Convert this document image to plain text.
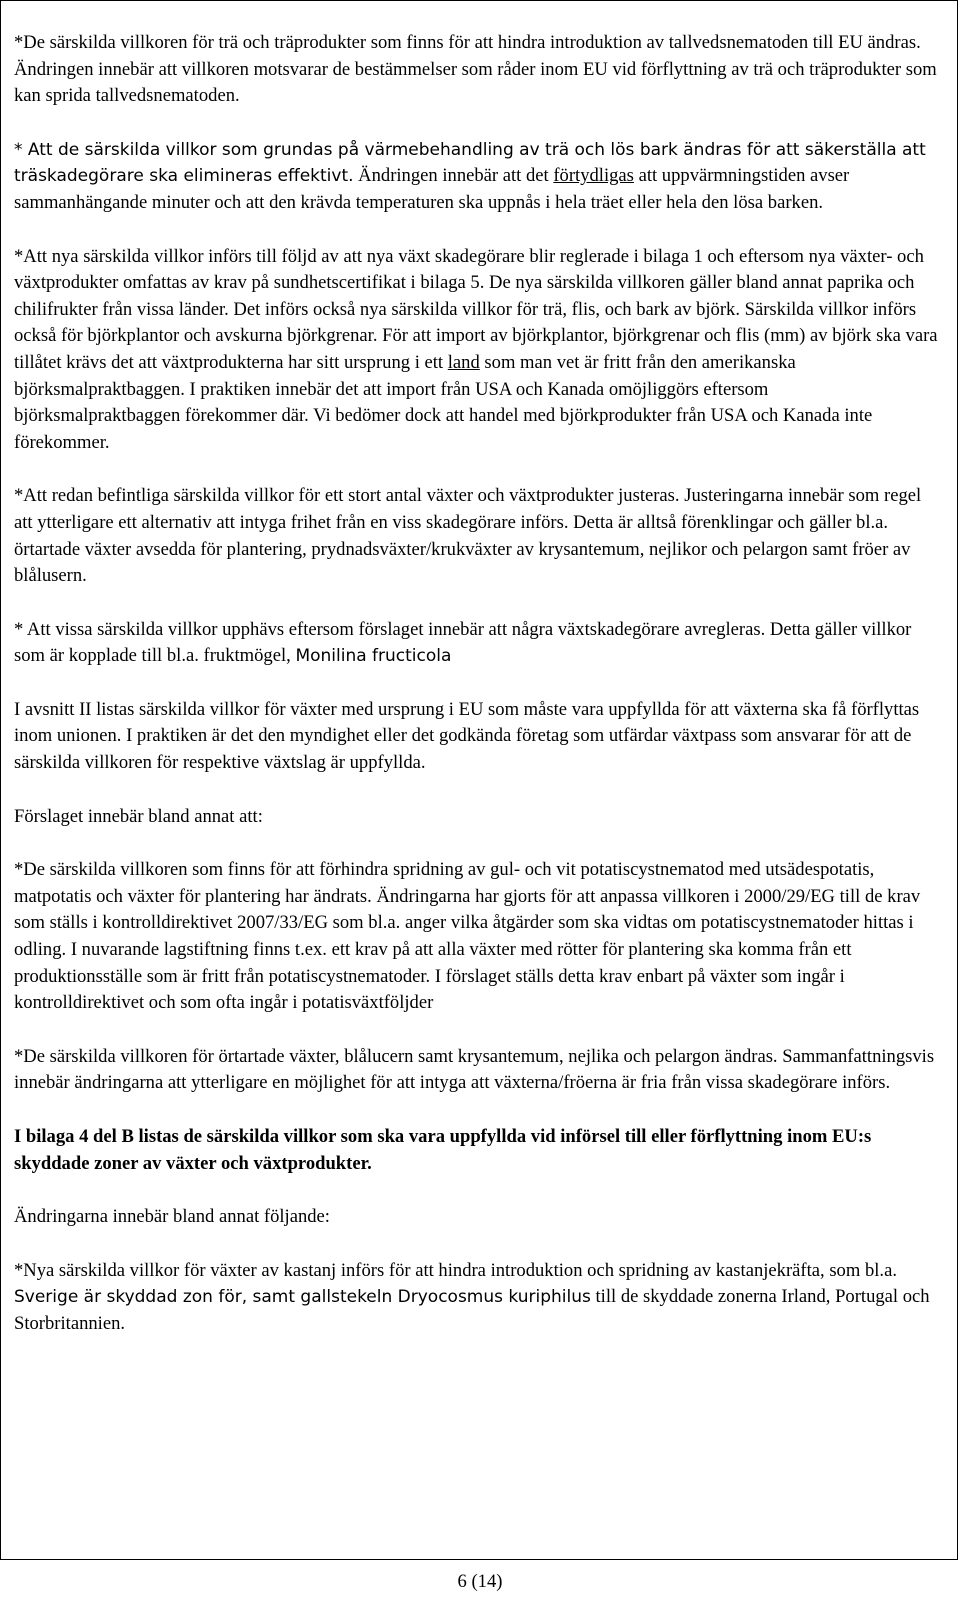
*De särskilda villkoren för trä och träprodukter som finns för att hindra introduktion av tallvedsnematoden till EU ändras. Ändringen innebär att villkoren motsvarar de bestämmelser som råder inom EU vid förflyttning av trä och träprodukter som kan sprida tallvedsnematoden.

* Att de särskilda villkor som grundas på värmebehandling av trä och lös bark ändras för att säkerställa att träskadegörare ska elimineras effektivt. Ändringen innebär att det förtydligas att uppvärmningstiden avser sammanhängande minuter och att den krävda temperaturen ska uppnås i hela träet eller hela den lösa barken.

*Att nya särskilda villkor införs till följd av att nya växt skadegörare blir reglerade i bilaga 1 och eftersom nya växter- och växtprodukter omfattas av krav på sundhetscertifikat i bilaga 5. De nya särskilda villkoren gäller bland annat paprika och chilifrukter från vissa länder. Det införs också nya särskilda villkor för trä, flis, och bark av björk. Särskilda villkor införs också för björkplantor och avskurna björkgrenar. För att import av björkplantor, björkgrenar och flis (mm) av björk ska vara tillåtet krävs det att växtprodukterna har sitt ursprung i ett land som man vet är fritt från den amerikanska björksmalpraktbaggen. I praktiken innebär det att import från USA och Kanada omöjliggörs eftersom björksmalpraktbaggen förekommer där. Vi bedömer dock att handel med björkprodukter från USA och Kanada inte förekommer.

*Att redan befintliga särskilda villkor för ett stort antal växter och växtprodukter justeras. Justeringarna innebär som regel att ytterligare ett alternativ att intyga frihet från en viss skadegörare införs. Detta är alltså förenklingar och gäller bl.a. örtartade växter avsedda för plantering, prydnadsväxter/krukväxter av krysantemum, nejlikor och pelargon samt fröer av blålusern.

* Att vissa särskilda villkor upphävs eftersom förslaget innebär att några växtskadegörare avregleras. Detta gäller villkor som är kopplade till bl.a. fruktmögel, Monilina fructicola

I avsnitt II listas särskilda villkor för växter med ursprung i EU som måste vara uppfyllda för att växterna ska få förflyttas inom unionen. I praktiken är det den myndighet eller det godkända företag som utfärdar växtpass som ansvarar för att de särskilda villkoren för respektive växtslag är uppfyllda.

Förslaget innebär bland annat att:

*De särskilda villkoren som finns för att förhindra spridning av gul- och vit potatiscystnematod med utsädespotatis, matpotatis och växter för plantering har ändrats. Ändringarna har gjorts för att anpassa villkoren i 2000/29/EG till de krav som ställs i kontrolldirektivet 2007/33/EG som bl.a. anger vilka åtgärder som ska vidtas om potatiscystnematoder hittas i odling. I nuvarande lagstiftning finns t.ex. ett krav på att alla växter med rötter för plantering ska komma från ett produktionsställe som är fritt från potatiscystnematoder. I förslaget ställs detta krav enbart på växter som ingår i kontrolldirektivet och som ofta ingår i potatisväxtföljder

*De särskilda villkoren för örtartade växter, blålucern samt krysantemum, nejlika och pelargon ändras. Sammanfattningsvis innebär ändringarna att ytterligare en möjlighet för att intyga att växterna/fröerna är fria från vissa skadegörare införs.

I bilaga 4 del B listas de särskilda villkor som ska vara uppfyllda vid införsel till eller förflyttning inom EU:s skyddade zoner av växter och växtprodukter.

Ändringarna innebär bland annat följande:

*Nya särskilda villkor för växter av kastanj införs för att hindra introduktion och spridning av kastanjekräfta, som bl.a. Sverige är skyddad zon för, samt gallstekeln Dryocosmus kuriphilus till de skyddade zonerna Irland, Portugal och Storbritannien.

6 (14)
